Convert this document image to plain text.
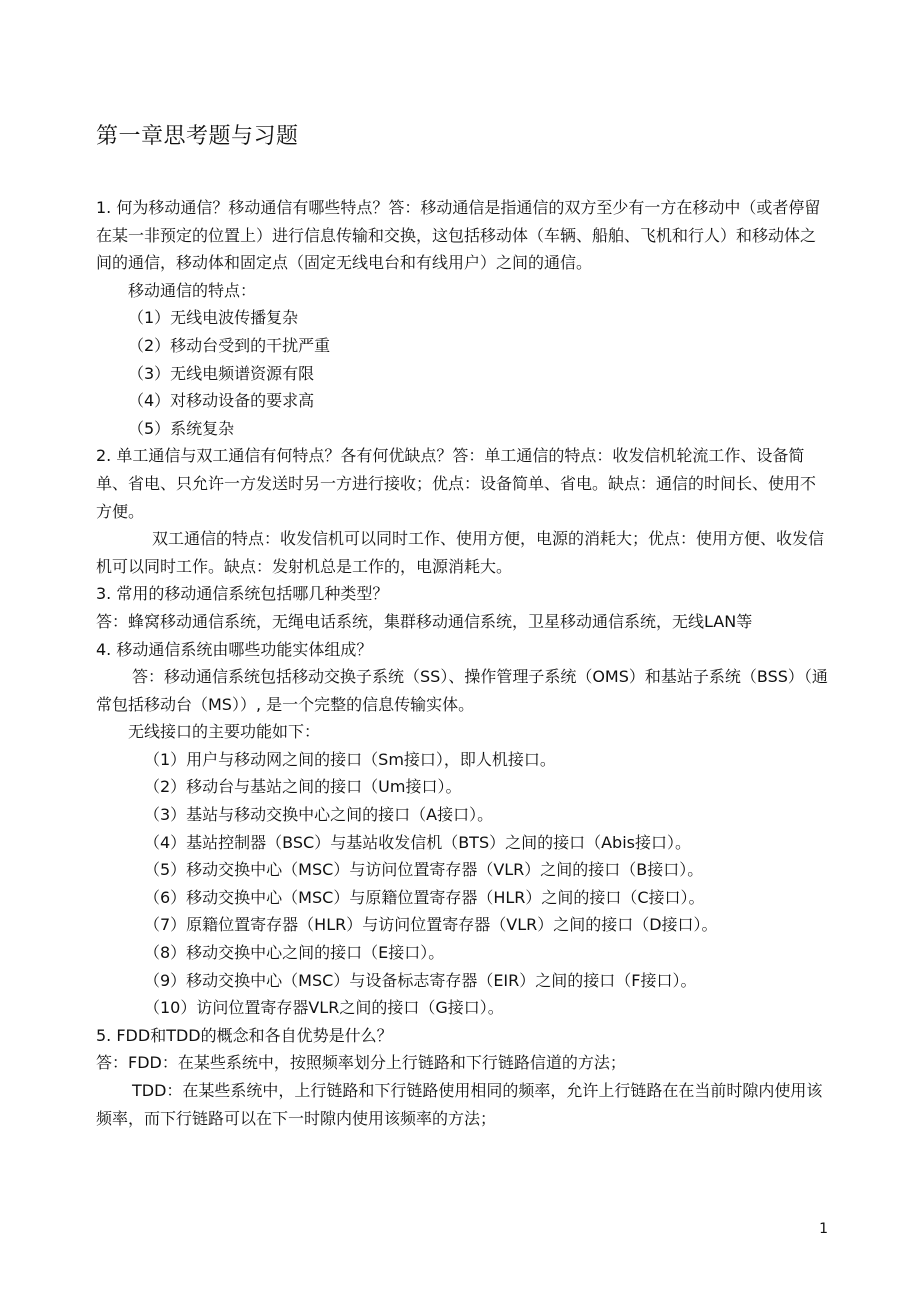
第一章思考题与习题
1. 何为移动通信？移动通信有哪些特点？答：移动通信是指通信的双方至少有一方在移动中（或者停留在某一非预定的位置上）进行信息传输和交换，这包括移动体（车辆、船舶、飞机和行人）和移动体之间的通信，移动体和固定点（固定无线电台和有线用户）之间的通信。
移动通信的特点：
（1）无线电波传播复杂
（2）移动台受到的干扰严重
（3）无线电频谱资源有限
（4）对移动设备的要求高
（5）系统复杂
2. 单工通信与双工通信有何特点？各有何优缺点？答：单工通信的特点：收发信机轮流工作、设备简单、省电、只允许一方发送时另一方进行接收；优点：设备简单、省电。缺点：通信的时间长、使用不方便。
双工通信的特点：收发信机可以同时工作、使用方便，电源的消耗大；优点：使用方便、收发信机可以同时工作。缺点：发射机总是工作的，电源消耗大。
3. 常用的移动通信系统包括哪几种类型？
答：蜂窝移动通信系统，无绳电话系统，集群移动通信系统，卫星移动通信系统，无线LAN等
4. 移动通信系统由哪些功能实体组成？
答：移动通信系统包括移动交换子系统（SS）、操作管理子系统（OMS）和基站子系统（BSS）（通常包括移动台（MS））, 是一个完整的信息传输实体。
无线接口的主要功能如下：
（1）用户与移动网之间的接口（Sm接口），即人机接口。
（2）移动台与基站之间的接口（Um接口）。
（3）基站与移动交换中心之间的接口（A接口）。
（4）基站控制器（BSC）与基站收发信机（BTS）之间的接口（Abis接口）。
（5）移动交换中心（MSC）与访问位置寄存器（VLR）之间的接口（B接口）。
（6）移动交换中心（MSC）与原籍位置寄存器（HLR）之间的接口（C接口）。
（7）原籍位置寄存器（HLR）与访问位置寄存器（VLR）之间的接口（D接口）。
（8）移动交换中心之间的接口（E接口）。
（9）移动交换中心（MSC）与设备标志寄存器（EIR）之间的接口（F接口）。
（10）访问位置寄存器VLR之间的接口（G接口）。
5. FDD和TDD的概念和各自优势是什么？
答：FDD：在某些系统中，按照频率划分上行链路和下行链路信道的方法；
TDD：在某些系统中，上行链路和下行链路使用相同的频率，允许上行链路在在当前时隙内使用该频率，而下行链路可以在下一时隙内使用该频率的方法；
1
